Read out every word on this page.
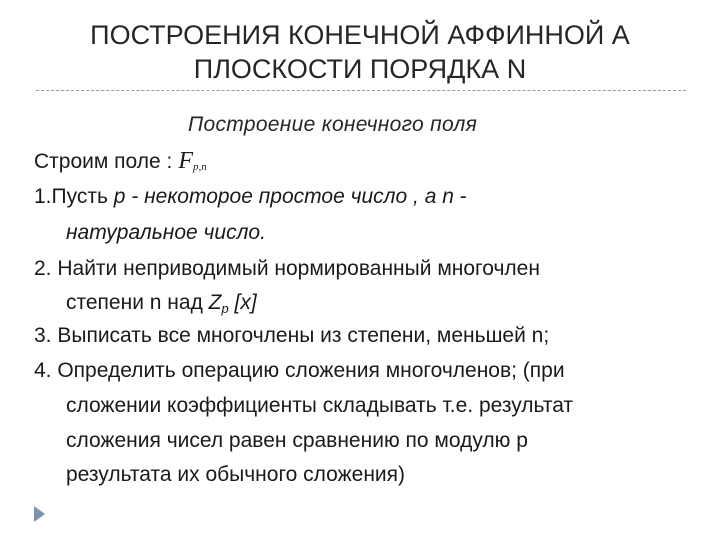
ПОСТРОЕНИЯ КОНЕЧНОЙ АФФИННОЙ А
ПЛОСКОСТИ ПОРЯДКА N
Построение конечного поля
Строим поле : $F_{p,n}$
1.Пусть р - некоторое простое число , а n -
натуральное число.
2. Найти неприводимый нормированный многочлен
степени n над Zp [x]
3. Выписать все многочлены из степени, меньшей n;
4. Определить операцию сложения многочленов; (при
сложении коэффициенты складывать т.е. результат
сложения чисел равен сравнению по модулю p
результата их обычного сложения)
